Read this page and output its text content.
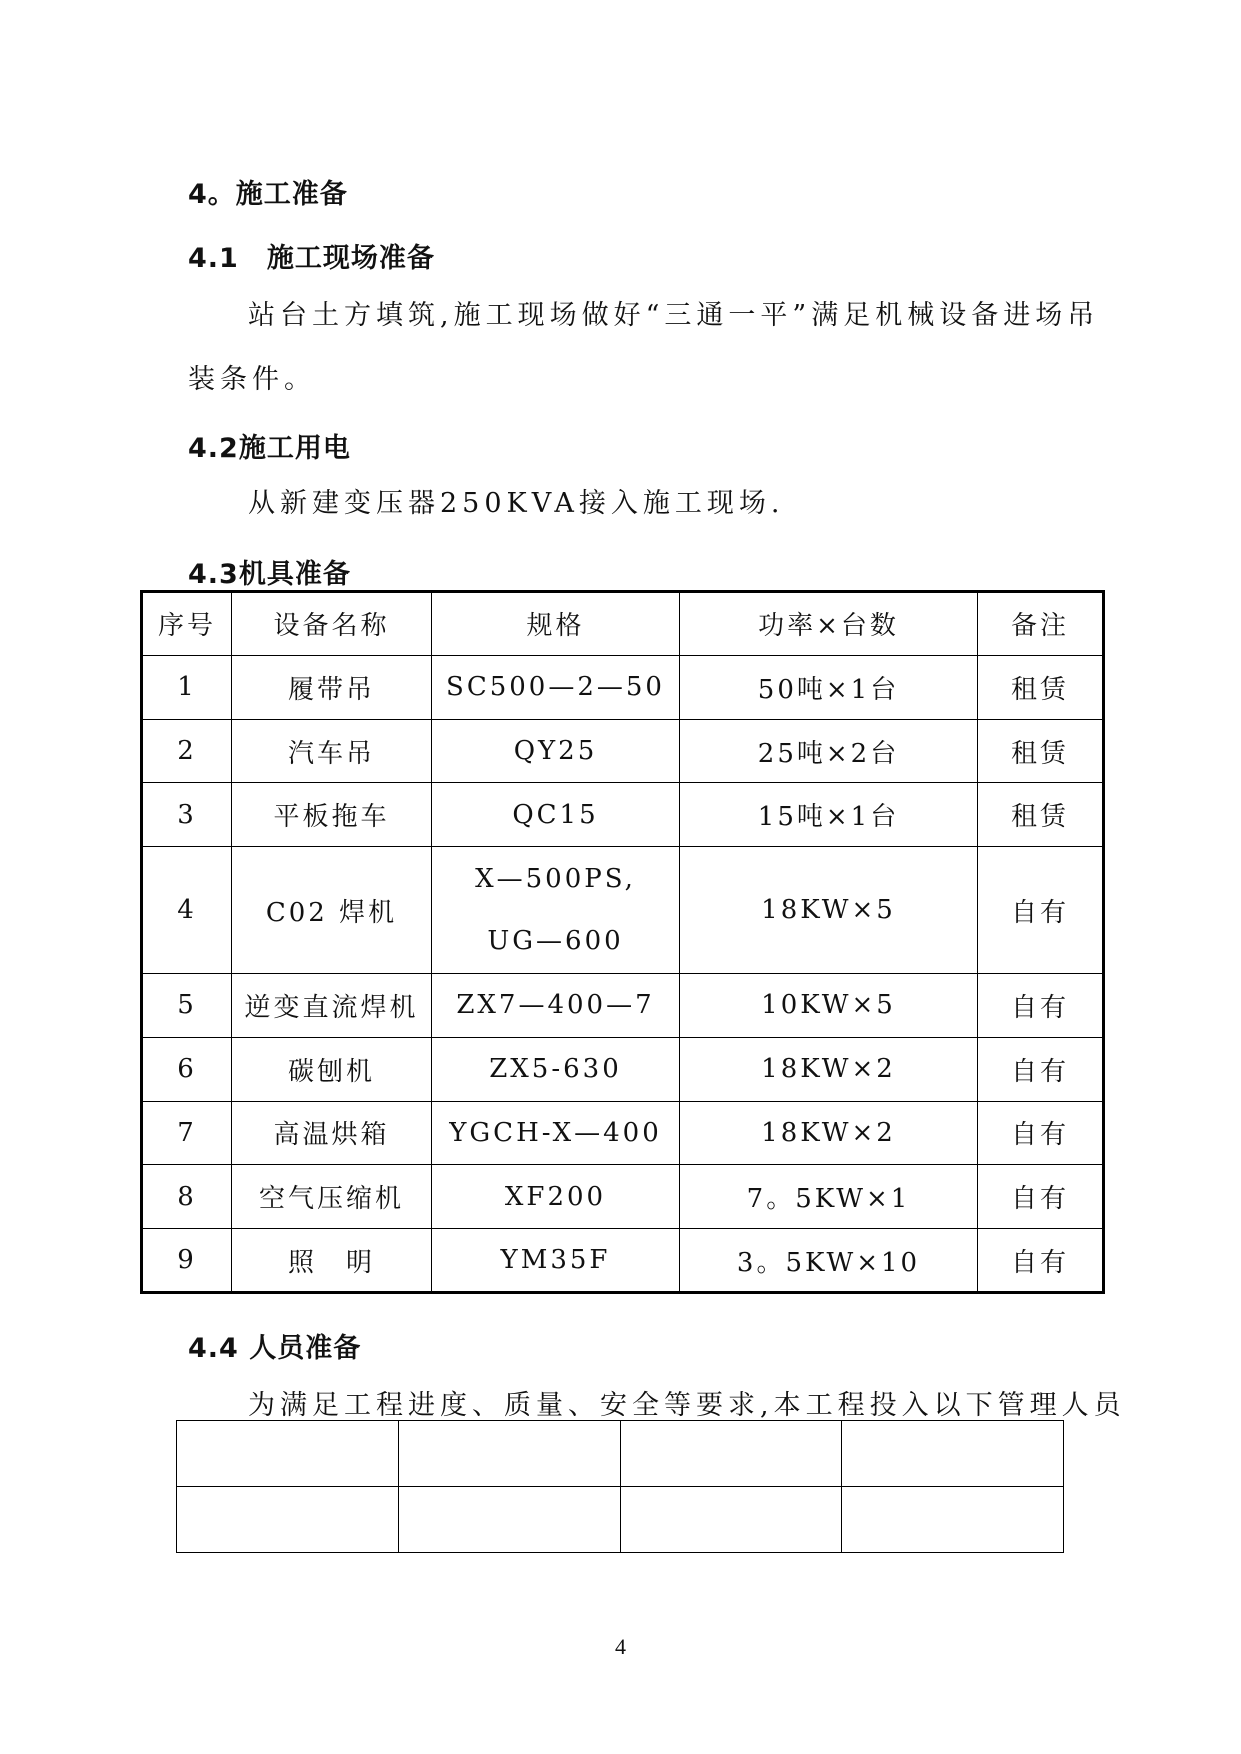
4。施工准备
4.1　施工现场准备

站台土方填筑,施工现场做好“三通一平”满足机械设备进场吊

装条件。

4.2施工用电

从新建变压器250KVA接入施工现场.

4.3机具准备
序号	设备名称	规格	功率×台数	备注
1	履带吊	SC500—2—50	50吨×1台	租赁
2	汽车吊	QY25	25吨×2台	租赁
3	平板拖车	QC15	15吨×1台	租赁
4	C02 焊机	X—500PS,
UG—600	18KW×5	自有
5	逆变直流焊机	ZX7—400—7	10KW×5	自有
6	碳刨机	ZX5-630	18KW×2	自有
7	高温烘箱	YGCH-X—400	18KW×2	自有
8	空气压缩机	XF200	7。5KW×1	自有
9	照　明	YM35F	3。5KW×10	自有
4.4 人员准备

为满足工程进度、质量、安全等要求,本工程投入以下管理人员

4
